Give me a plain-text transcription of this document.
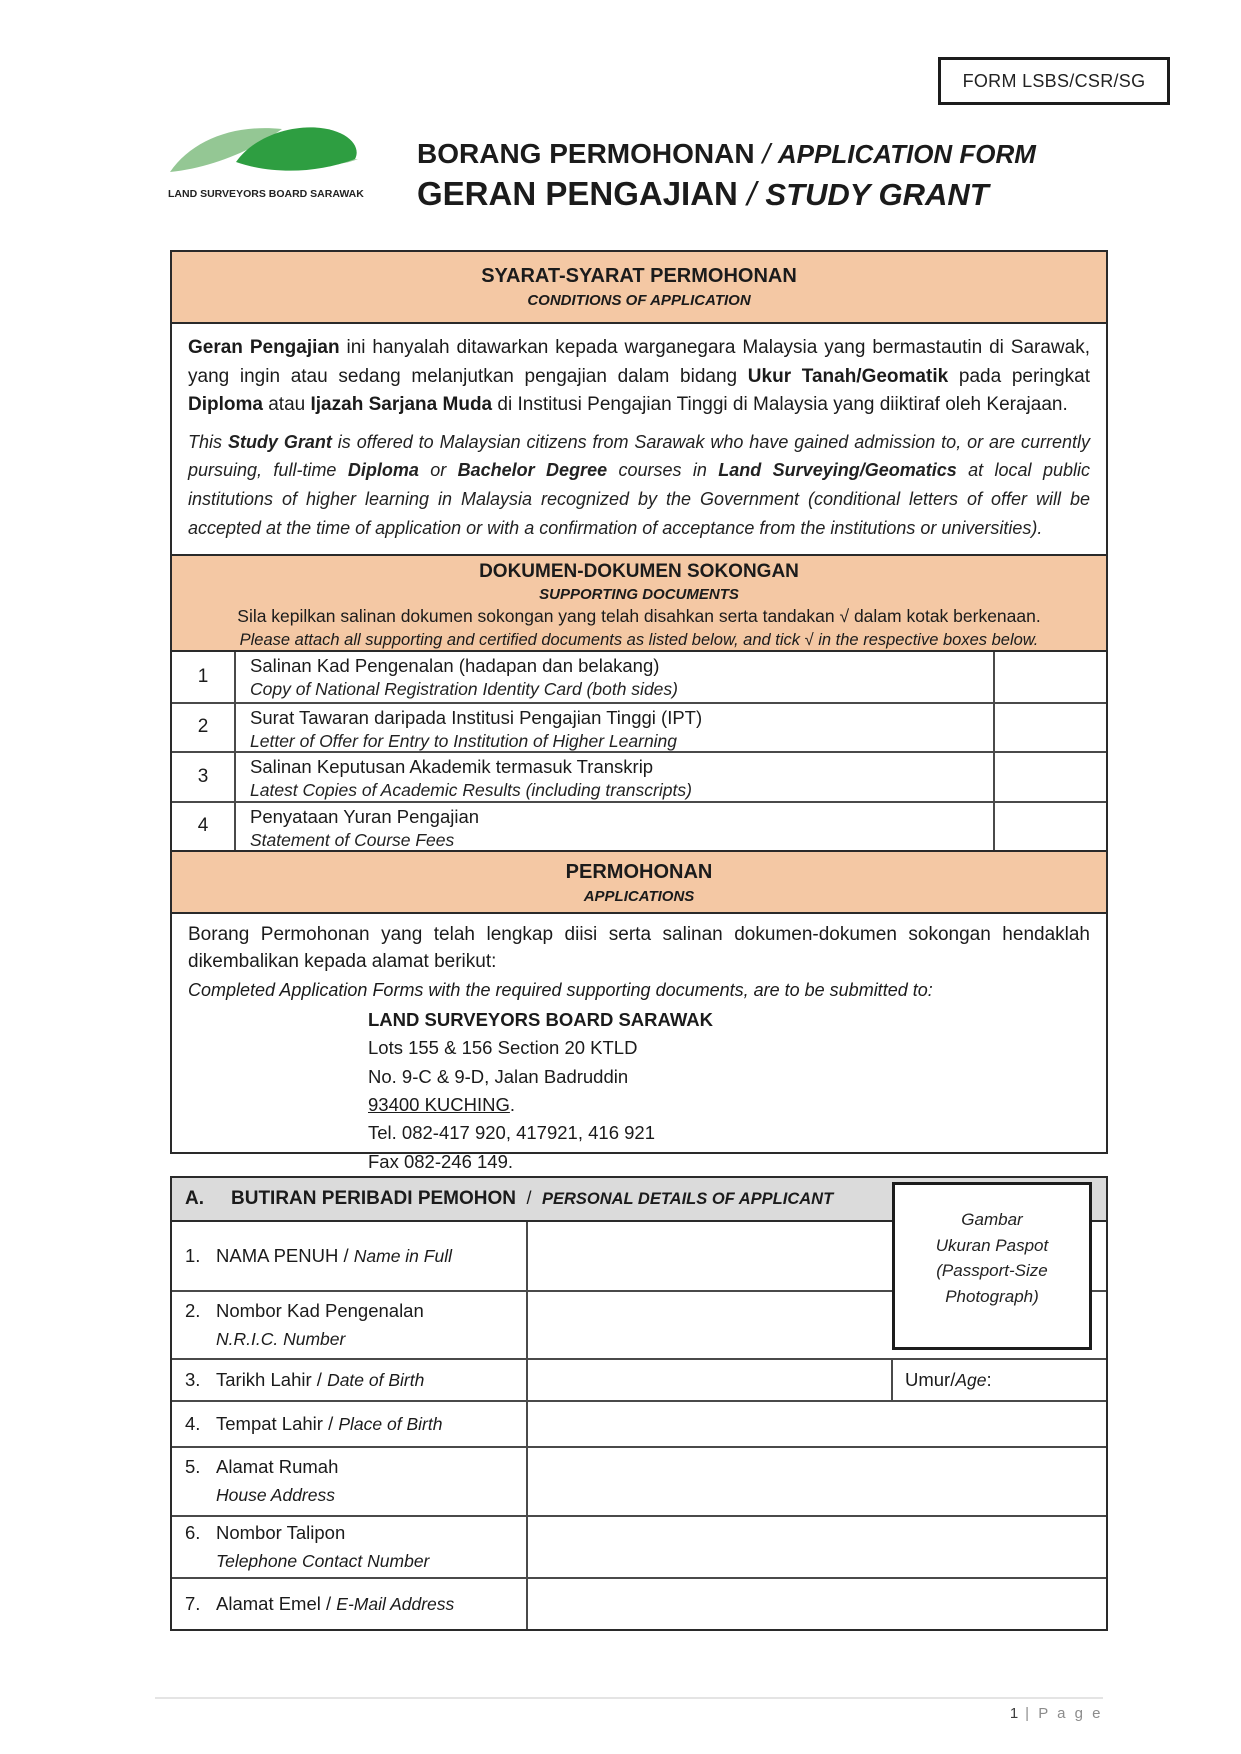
FORM LSBS/CSR/SG
LAND SURVEYORS BOARD SARAWAK
BORANG PERMOHONAN / APPLICATION FORM
GERAN PENGAJIAN / STUDY GRANT
SYARAT-SYARAT PERMOHONAN
CONDITIONS OF APPLICATION

Geran Pengajian ini hanyalah ditawarkan kepada warganegara Malaysia yang bermastautin di Sarawak, yang ingin atau sedang melanjutkan pengajian dalam bidang Ukur Tanah/Geomatik pada peringkat Diploma atau Ijazah Sarjana Muda di Institusi Pengajian Tinggi di Malaysia yang diiktiraf oleh Kerajaan.

This Study Grant is offered to Malaysian citizens from Sarawak who have gained admission to, or are currently pursuing, full-time Diploma or Bachelor Degree courses in Land Surveying/Geomatics at local public institutions of higher learning in Malaysia recognized by the Government (conditional letters of offer will be accepted at the time of application or with a confirmation of acceptance from the institutions or universities).

DOKUMEN-DOKUMEN SOKONGAN
SUPPORTING DOCUMENTS
Sila kepilkan salinan dokumen sokongan yang telah disahkan serta tandakan √ dalam kotak berkenaan.
Please attach all supporting and certified documents as listed below, and tick √ in the respective boxes below.
1
Salinan Kad Pengenalan (hadapan dan belakang)
Copy of National Registration Identity Card (both sides)
2	Surat Tawaran daripada Institusi Pengajian Tinggi (IPT)
Letter of Offer for Entry to Institution of Higher Learning
3	Salinan Keputusan Akademik termasuk Transkrip
Latest Copies of Academic Results (including transcripts)
4	Penyataan Yuran Pengajian
Statement of Course Fees
PERMOHONAN
APPLICATIONS

Borang Permohonan yang telah lengkap diisi serta salinan dokumen-dokumen sokongan hendaklah dikembalikan kepada alamat berikut:

Completed Application Forms with the required supporting documents, are to be submitted to:

LAND SURVEYORS BOARD SARAWAK
Lots 155 & 156 Section 20 KTLD
No. 9-C & 9-D, Jalan Badruddin
93400 KUCHING.
Tel. 082-417 920, 417921, 416 921
Fax 082-246 149.
A.	BUTIRAN PERIBADI PEMOHON / PERSONAL DETAILS OF APPLICANT
1. NAMA PENUH / Name in Full
2. Nombor Kad Pengenalan
N.R.I.C. Number
3. Tarikh Lahir / Date of Birth	Umur / Age :
4. Tempat Lahir / Place of Birth
5. Alamat Rumah
House Address
6. Nombor Talipon
Telephone Contact Number
7. Alamat Emel / E-Mail Address
Gambar
Ukuran Paspot
(Passport-Size
Photograph)
1 | P a g e
